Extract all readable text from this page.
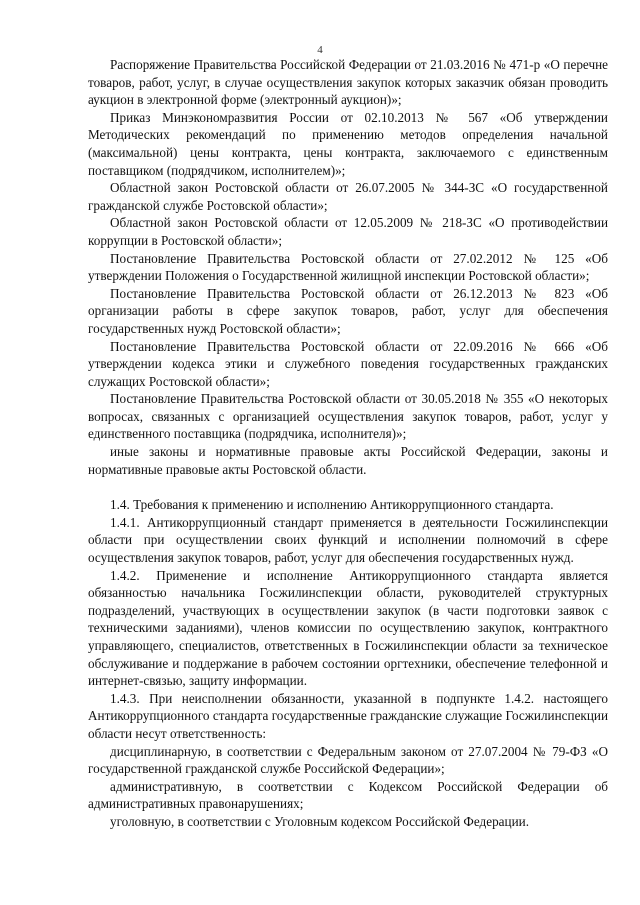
4

Распоряжение Правительства Российской Федерации от 21.03.2016 № 471-р «О перечне товаров, работ, услуг, в случае осуществления закупок которых заказчик обязан проводить аукцион в электронной форме (электронный аукцион)»;

Приказ Минэкономразвития России от 02.10.2013 № 567 «Об утверждении Методических рекомендаций по применению методов определения начальной (максимальной) цены контракта, цены контракта, заключаемого с единственным поставщиком (подрядчиком, исполнителем)»;

Областной закон Ростовской области от 26.07.2005 № 344-ЗС «О государственной гражданской службе Ростовской области»;

Областной закон Ростовской области от 12.05.2009 № 218-ЗС «О противодействии коррупции в Ростовской области»;

Постановление Правительства Ростовской области от 27.02.2012 № 125 «Об утверждении Положения о Государственной жилищной инспекции Ростовской области»;

Постановление Правительства Ростовской области от 26.12.2013 № 823 «Об организации работы в сфере закупок товаров, работ, услуг для обеспечения государственных нужд Ростовской области»;

Постановление Правительства Ростовской области от 22.09.2016 № 666 «Об утверждении кодекса этики и служебного поведения государственных гражданских служащих Ростовской области»;

Постановление Правительства Ростовской области от 30.05.2018 № 355 «О некоторых вопросах, связанных с организацией осуществления закупок товаров, работ, услуг у единственного поставщика (подрядчика, исполнителя)»;

иные законы и нормативные правовые акты Российской Федерации, законы и нормативные правовые акты Ростовской области.

1.4. Требования к применению и исполнению Антикоррупционного стандарта.

1.4.1. Антикоррупционный стандарт применяется в деятельности Госжилинспекции области при осуществлении своих функций и исполнении полномочий в сфере осуществления закупок товаров, работ, услуг для обеспечения государственных нужд.

1.4.2. Применение и исполнение Антикоррупционного стандарта является обязанностью начальника Госжилинспекции области, руководителей структурных подразделений, участвующих в осуществлении закупок (в части подготовки заявок с техническими заданиями), членов комиссии по осуществлению закупок, контрактного управляющего, специалистов, ответственных в Госжилинспекции области за техническое обслуживание и поддержание в рабочем состоянии оргтехники, обеспечение телефонной и интернет-связью, защиту информации.

1.4.3. При неисполнении обязанности, указанной в подпункте 1.4.2. настоящего Антикоррупционного стандарта государственные гражданские служащие Госжилинспекции области несут ответственность:

дисциплинарную, в соответствии с Федеральным законом от 27.07.2004 № 79-ФЗ «О государственной гражданской службе Российской Федерации»;

административную, в соответствии с Кодексом Российской Федерации об административных правонарушениях;

уголовную, в соответствии с Уголовным кодексом Российской Федерации.
